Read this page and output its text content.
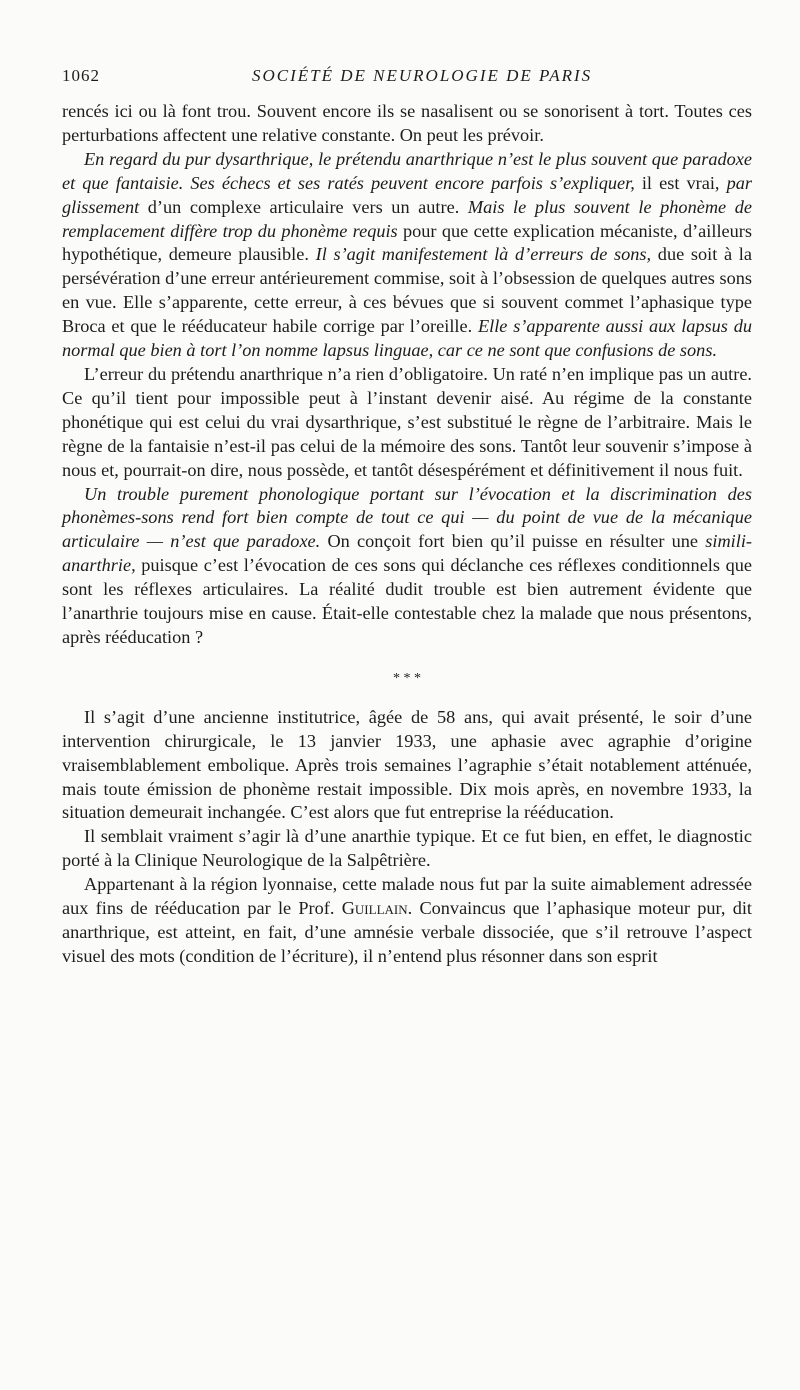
1062	SOCIÉTÉ DE NEUROLOGIE DE PARIS

rencés ici ou là font trou. Souvent encore ils se nasalisent ou se sonorisent à tort. Toutes ces perturbations affectent une relative constante. On peut les prévoir.

En regard du pur dysarthrique, le prétendu anarthrique n’est le plus souvent que paradoxe et que fantaisie. Ses échecs et ses ratés peuvent encore parfois s’expliquer, il est vrai, par glissement d’un complexe articulaire vers un autre. Mais le plus souvent le phonème de remplacement diffère trop du phonème requis pour que cette explication mécaniste, d’ailleurs hypothétique, demeure plausible. Il s’agit manifestement là d’erreurs de sons, due soit à la persévération d’une erreur antérieurement commise, soit à l’obsession de quelques autres sons en vue. Elle s’apparente, cette erreur, à ces bévues que si souvent commet l’aphasique type Broca et que le rééducateur habile corrige par l’oreille. Elle s’apparente aussi aux lapsus du normal que bien à tort l’on nomme lapsus linguae, car ce ne sont que confusions de sons.

L’erreur du prétendu anarthrique n’a rien d’obligatoire. Un raté n’en implique pas un autre. Ce qu’il tient pour impossible peut à l’instant devenir aisé. Au régime de la constante phonétique qui est celui du vrai dysarthrique, s’est substitué le règne de l’arbitraire. Mais le règne de la fantaisie n’est-il pas celui de la mémoire des sons. Tantôt leur souvenir s’impose à nous et, pourrait-on dire, nous possède, et tantôt désespérément et définitivement il nous fuit.

Un trouble purement phonologique portant sur l’évocation et la discrimination des phonèmes-sons rend fort bien compte de tout ce qui — du point de vue de la mécanique articulaire — n’est que paradoxe. On conçoit fort bien qu’il puisse en résulter une simili-anarthrie, puisque c’est l’évocation de ces sons qui déclanche ces réflexes conditionnels que sont les réflexes articulaires. La réalité dudit trouble est bien autrement évidente que l’anarthrie toujours mise en cause. Était-elle contestable chez la malade que nous présentons, après rééducation ?

* * *

Il s’agit d’une ancienne institutrice, âgée de 58 ans, qui avait présenté, le soir d’une intervention chirurgicale, le 13 janvier 1933, une aphasie avec agraphie d’origine vraisemblablement embolique. Après trois semaines l’agraphie s’était notablement atténuée, mais toute émission de phonème restait impossible. Dix mois après, en novembre 1933, la situation demeurait inchangée. C’est alors que fut entreprise la rééducation.

Il semblait vraiment s’agir là d’une anarthie typique. Et ce fut bien, en effet, le diagnostic porté à la Clinique Neurologique de la Salpêtrière.

Appartenant à la région lyonnaise, cette malade nous fut par la suite aimablement adressée aux fins de rééducation par le Prof. Guillain. Convaincus que l’aphasique moteur pur, dit anarthrique, est atteint, en fait, d’une amnésie verbale dissociée, que s’il retrouve l’aspect visuel des mots (condition de l’écriture), il n’entend plus résonner dans son esprit
